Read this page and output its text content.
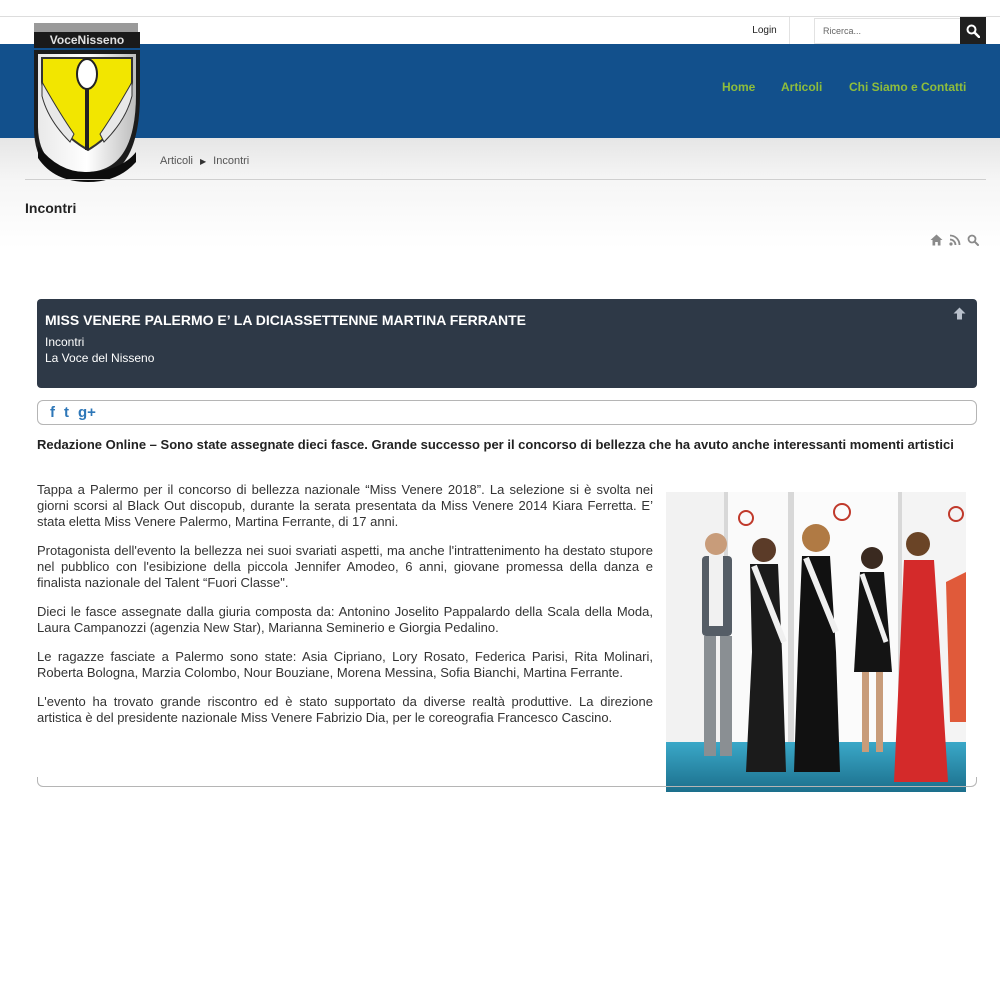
Login
Ricerca...
Home Articoli Chi Siamo e Contatti
VoceNisseno
Articoli ▶ Incontri
Incontri
MISS VENERE PALERMO E’ LA DICIASSETTENNE MARTINA FERRANTE
Incontri
La Voce del Nisseno
f t g+
Redazione Online – Sono state assegnate dieci fasce. Grande successo per il concorso di bellezza che ha avuto anche interessanti momenti artistici

Tappa a Palermo per il concorso di bellezza nazionale “Miss Venere 2018”. La selezione si è svolta nei giorni scorsi al Black Out discopub, durante la serata presentata da Miss Venere 2014 Kiara Ferretta. E’ stata eletta Miss Venere Palermo, Martina Ferrante, di 17 anni.

Protagonista dell'evento la bellezza nei suoi svariati aspetti, ma anche l'intrattenimento ha destato stupore nel pubblico con l'esibizione della piccola Jennifer Amodeo, 6 anni, giovane promessa della danza e finalista nazionale del Talent “Fuori Classe".

Dieci le fasce assegnate dalla giuria composta da: Antonino Joselito Pappalardo della Scala della Moda, Laura Campanozzi (agenzia New Star), Marianna Seminerio e Giorgia Pedalino.

Le ragazze fasciate a Palermo sono state: Asia Cipriano, Lory Rosato, Federica Parisi, Rita Molinari, Roberta Bologna, Marzia Colombo, Nour Bouziane, Morena Messina, Sofia Bianchi, Martina Ferrante.

L'evento ha trovato grande riscontro ed è stato supportato da diverse realtà produttive. La direzione artistica è del presidente nazionale Miss Venere Fabrizio Dia, per le coreografia Francesco Cascino.
